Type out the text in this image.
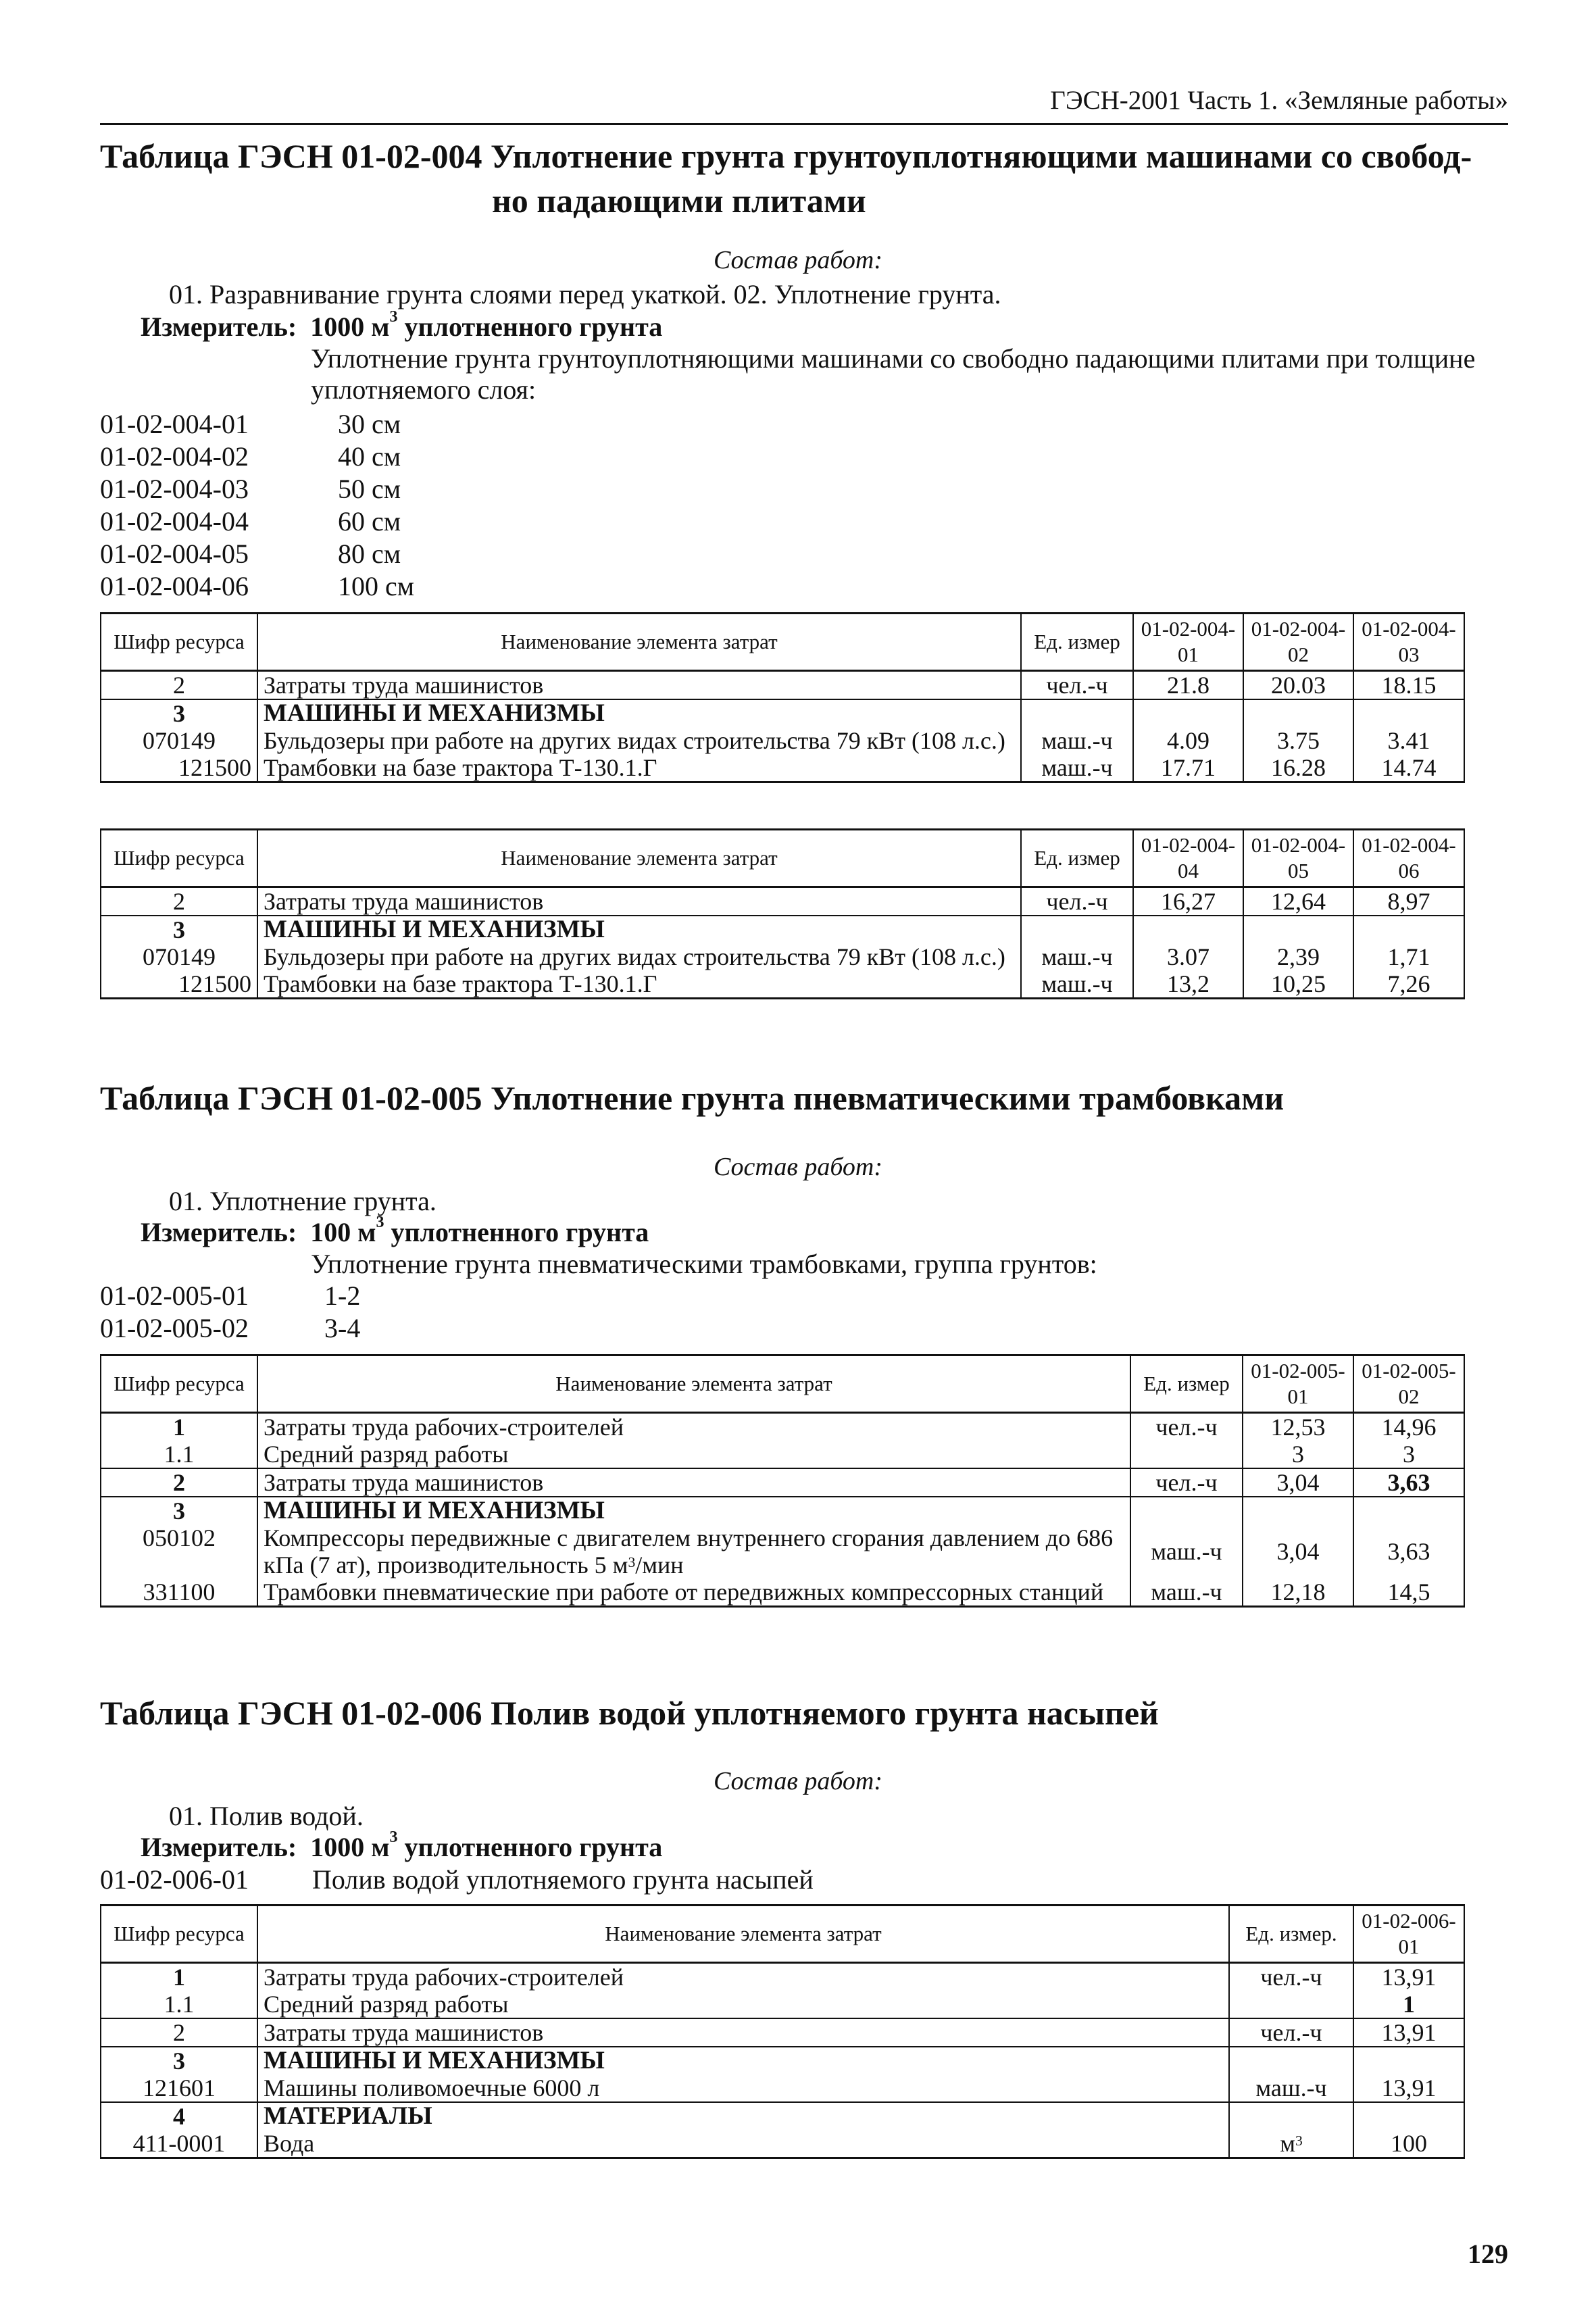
ГЭСН-2001 Часть 1. «Земляные работы»
Таблица ГЭСН 01-02-004 Уплотнение грунта грунтоуплотняющими машинами со свобод-
но падающими плитами
Состав работ:
01. Разравнивание грунта слоями перед укаткой. 02. Уплотнение грунта.
Измеритель: 1000 $м^3$ уплотненного грунта
Уплотнение грунта грунтоуплотняющими машинами со свободно падающими плитами при толщине уплотняемого слоя:
01-02-004-01	30 см
01-02-004-02	40 см
01-02-004-03	50 см
01-02-004-04	60 см
01-02-004-05	80 см
01-02-004-06	100 см
Шифр ресурса	Наименование элемента затрат	Ед. измер	01-02-004-01	01-02-004-02	01-02-004-03
2	Затраты труда машинистов	чел.-ч	21.8	20.03	18.15
3	МАШИНЫ И МЕХАНИЗМЫ				
070149	Бульдозеры при работе на других видах строительства 79 кВт (108 л.с.)	маш.-ч	4.09	3.75	3.41
121500	Трамбовки на базе трактора Т-130.1.Г	маш.-ч	17.71	16.28	14.74
Шифр ресурса	Наименование элемента затрат	Ед. измер	01-02-004-04	01-02-004-05	01-02-004-06
2	Затраты труда машинистов	чел.-ч	16,27	12,64	8,97
3	МАШИНЫ И МЕХАНИЗМЫ				
070149	Бульдозеры при работе на других видах строительства 79 кВт (108 л.с.)	маш.-ч	3.07	2,39	1,71
121500	Трамбовки на базе трактора Т-130.1.Г	маш.-ч	13,2	10,25	7,26
Таблица ГЭСН 01-02-005 Уплотнение грунта пневматическими трамбовками
Состав работ:
01. Уплотнение грунта.
Измеритель: 100 $м^3$ уплотненного грунта
Уплотнение грунта пневматическими трамбовками, группа грунтов:
01-02-005-01	1-2
01-02-005-02	3-4
Шифр ресурса	Наименование элемента затрат	Ед. измер	01-02-005-01	01-02-005-02
1	Затраты труда рабочих-строителей	чел.-ч	12,53	14,96
1.1	Средний разряд работы		3	3
2	Затраты труда машинистов	чел.-ч	3,04	3,63
3	МАШИНЫ И МЕХАНИЗМЫ			
050102	Компрессоры передвижные с двигателем внутреннего сгорания давлением до 686 кПа (7 ат), производительность 5 $м^3$/мин	маш.-ч	3,04	3,63
331100	Трамбовки пневматические при работе от передвижных компрессорных станций	маш.-ч	12,18	14,5
Таблица ГЭСН 01-02-006 Полив водой уплотняемого грунта насыпей
Состав работ:
01. Полив водой.
Измеритель: 1000 $м^3$ уплотненного грунта
01-02-006-01 Полив водой уплотняемого грунта насыпей
Шифр ресурса	Наименование элемента затрат	Ед. измер.	01-02-006-01
1	Затраты труда рабочих-строителей	чел.-ч	13,91
1.1	Средний разряд работы		1
2	Затраты труда машинистов	чел.-ч	13,91
3	МАШИНЫ И МЕХАНИЗМЫ		
121601	Машины поливомоечные 6000 л	маш.-ч	13,91
4	МАТЕРИАЛЫ		
411-0001	Вода	$м^3$	100
129
